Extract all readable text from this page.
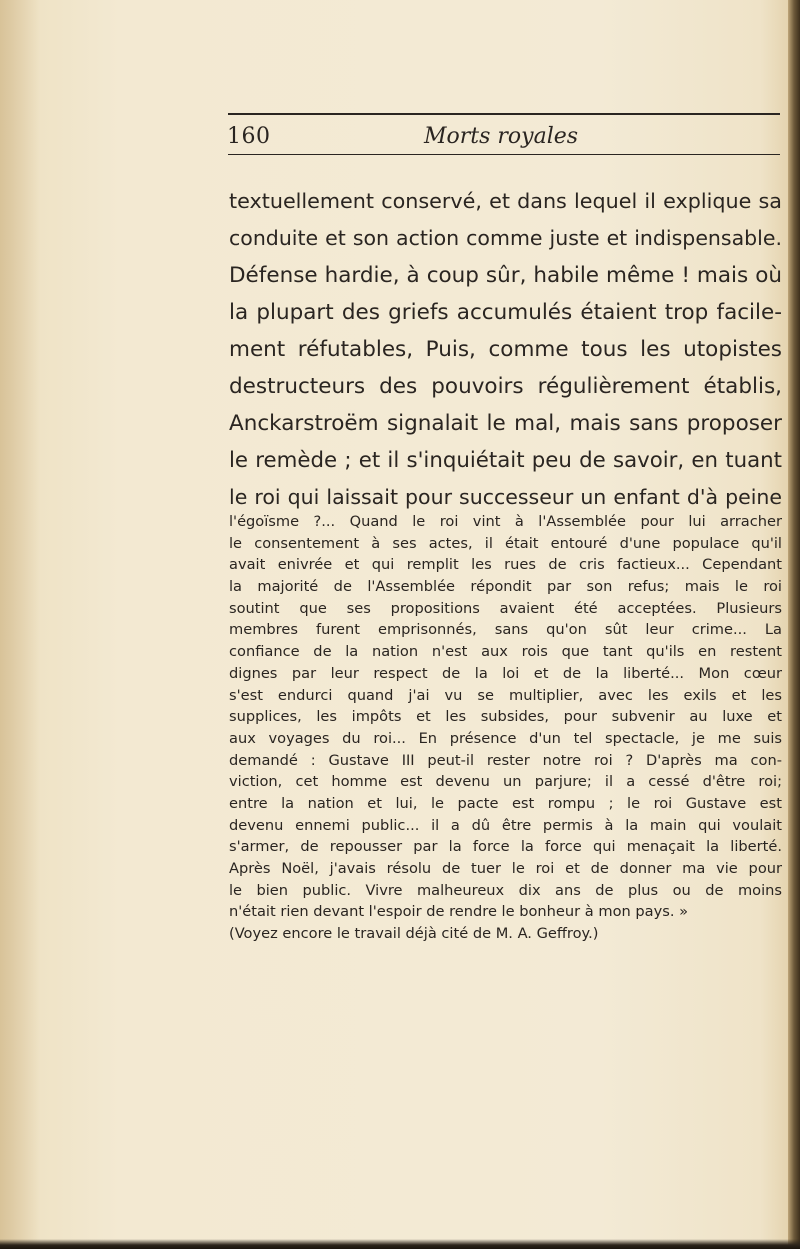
160	Morts royales
textuellement conservé, et dans lequel il explique sa
conduite et son action comme juste et indispensable.
Défense hardie, à coup sûr, habile même ! mais où
la plupart des griefs accumulés étaient trop facile-
ment réfutables, Puis, comme tous les utopistes
destructeurs des pouvoirs régulièrement établis,
Anckarstroëm signalait le mal, mais sans proposer
le remède ; et il s'inquiétait peu de savoir, en tuant
le roi qui laissait pour successeur un enfant d'à peine
l'égoïsme ?... Quand le roi vint à l'Assemblée pour lui arracher
le consentement à ses actes, il était entouré d'une populace qu'il
avait enivrée et qui remplit les rues de cris factieux... Cependant
la majorité de l'Assemblée répondit par son refus; mais le roi
soutint que ses propositions avaient été acceptées. Plusieurs
membres furent emprisonnés, sans qu'on sût leur crime... La
confiance de la nation n'est aux rois que tant qu'ils en restent
dignes par leur respect de la loi et de la liberté... Mon cœur
s'est endurci quand j'ai vu se multiplier, avec les exils et les
supplices, les impôts et les subsides, pour subvenir au luxe et
aux voyages du roi... En présence d'un tel spectacle, je me suis
demandé : Gustave III peut-il rester notre roi ? D'après ma con-
viction, cet homme est devenu un parjure; il a cessé d'être roi;
entre la nation et lui, le pacte est rompu ; le roi Gustave est
devenu ennemi public... il a dû être permis à la main qui voulait
s'armer, de repousser par la force la force qui menaçait la liberté.
Après Noël, j'avais résolu de tuer le roi et de donner ma vie pour
le bien public. Vivre malheureux dix ans de plus ou de moins
n'était rien devant l'espoir de rendre le bonheur à mon pays. »
(Voyez encore le travail déjà cité de M. A. Geffroy.)
